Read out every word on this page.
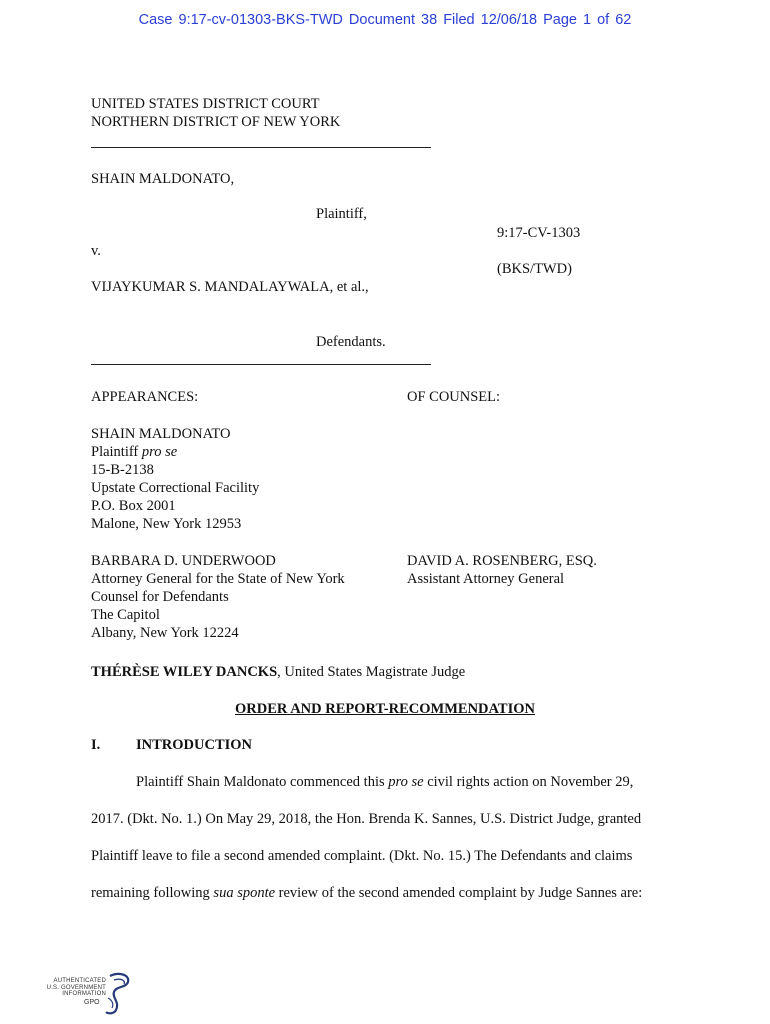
Case 9:17-cv-01303-BKS-TWD Document 38 Filed 12/06/18 Page 1 of 62
UNITED STATES DISTRICT COURT
NORTHERN DISTRICT OF NEW YORK
SHAIN MALDONATO,
Plaintiff,
9:17-CV-1303
v.
(BKS/TWD)
VIJAYKUMAR S. MANDALAYWALA, et al.,
Defendants.
APPEARANCES:	OF COUNSEL:
SHAIN MALDONATO
Plaintiff pro se
15-B-2138
Upstate Correctional Facility
P.O. Box 2001
Malone, New York 12953
BARBARA D. UNDERWOOD
Attorney General for the State of New York
Counsel for Defendants
The Capitol
Albany, New York 12224
DAVID A. ROSENBERG, ESQ.
Assistant Attorney General
THÉRÈSE WILEY DANCKS, United States Magistrate Judge
ORDER AND REPORT-RECOMMENDATION
I. INTRODUCTION
Plaintiff Shain Maldonato commenced this pro se civil rights action on November 29,
2017. (Dkt. No. 1.) On May 29, 2018, the Hon. Brenda K. Sannes, U.S. District Judge, granted
Plaintiff leave to file a second amended complaint. (Dkt. No. 15.) The Defendants and claims
remaining following sua sponte review of the second amended complaint by Judge Sannes are:
AUTHENTICATED
U.S. GOVERNMENT
INFORMATION
GPO
